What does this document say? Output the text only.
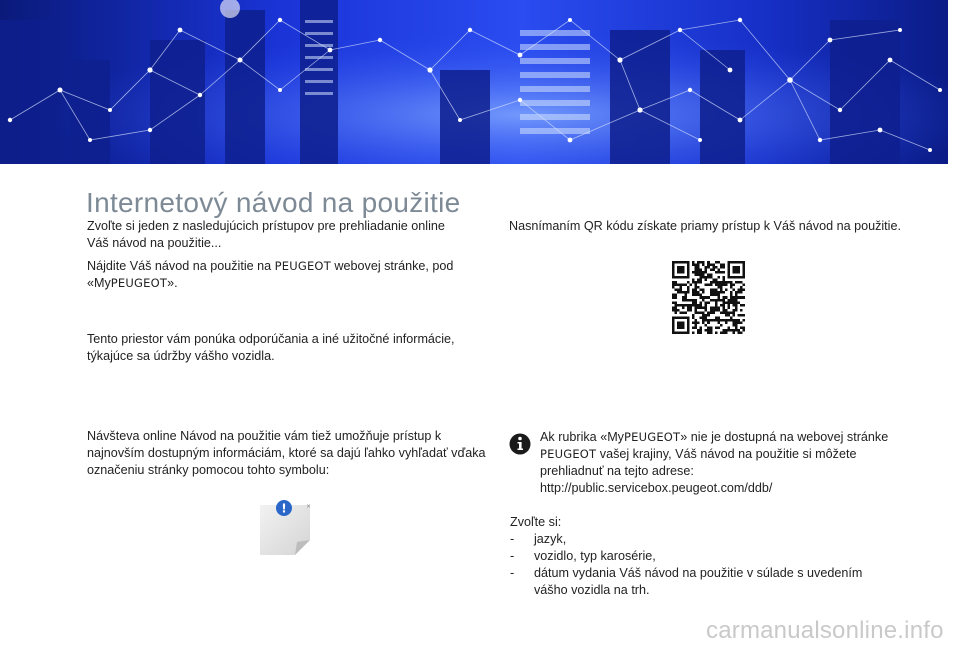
Internetový návod na použitie

Zvoľte si jeden z nasledujúcich prístupov pre prehliadanie online Váš návod na použitie...

Nájdite Váš návod na použitie na PEUGEOT webovej stránke, pod «MyPEUGEOT».

Tento priestor vám ponúka odporúčania a iné užitočné informácie, týkajúce sa údržby vášho vozidla.

Návšteva online Návod na použitie vám tiež umožňuje prístup k najnovším dostupným informáciám, ktoré sa dajú ľahko vyhľadať vďaka označeniu stránky pomocou tohto symbolu:

!	×

Nasnímaním QR kódu získate priamy prístup k Váš návod na použitie.

Ak rubrika «MyPEUGEOT» nie je dostupná na webovej stránke PEUGEOT vašej krajiny, Váš návod na použitie si môžete prehliadnuť na tejto adrese:
http://public.servicebox.peugeot.com/ddb/

Zvoľte si:
-	jazyk,
-	vozidlo, typ karosérie,
-	dátum vydania Váš návod na použitie v súlade s uvedením vášho vozidla na trh.
carmanualsonline.info
